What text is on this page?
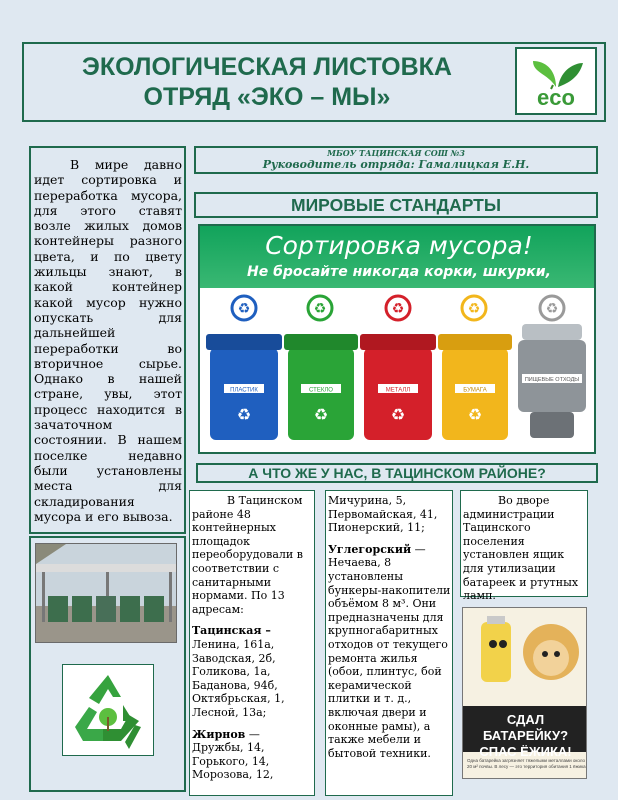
ЭКОЛОГИЧЕСКАЯ ЛИСТОВКА
ОТРЯД «ЭКО – МЫ»	eco
В мире давно идет сортировка и переработка мусора, для этого ставят возле жилых домов контейнеры разного цвета, и по цвету жильцы знают, в какой контейнер какой мусор нужно опускать для дальнейшей переработки во вторичное сырье. Однако в нашей стране, увы, этот процесс находится в зачаточном состоянии. В нашем поселке недавно были установлены места для складирования мусора и его вывоза.
МБОУ ТАЦИНСКАЯ СОШ №3
Руководитель отряда: Гамалицкая Е.Н.
МИРОВЫЕ СТАНДАРТЫ
Сортировка мусора!
Не бросайте никогда корки, шкурки,
♻
ПЛАСТИК
♻
♻
СТЕКЛО
♻
♻
МЕТАЛЛ
♻
♻
БУМАГА
♻
♻
ПИЩЕВЫЕ ОТХОДЫ
А ЧТО ЖЕ У НАС, В ТАЦИНСКОМ РАЙОНЕ?
В Тацинском районе 48 контейнерных площадок переоборудовали в соответствии с санитарными нормами. По 13 адресам:
Тацинская – Ленина, 161а, Заводская, 2б, Голикова, 1а, Баданова, 94б, Октябрьская, 1, Лесной, 13а;
Жирнов — Дружбы, 14, Горького, 14, Морозова, 12,
Мичурина, 5, Первомайская, 41, Пионерский, 11;
Углегорский — Нечаева, 8 установлены бункеры-накопители объёмом 8 м³. Они предназначены для крупногабаритных отходов от текущего ремонта жилья (обои, плинтус, бой керамической плитки и т. д., включая двери и оконные рамы), а также мебели и бытовой техники.
Во дворе администрации Тацинского поселения установлен ящик для утилизации батареек и ртутных ламп.
СДАЛ БАТАРЕЙКУ? СПАС ЁЖИКА!
Одна батарейка загрязняет тяжелыми металлами около 20 м² почвы. В лесу — это территория обитания 1 ёжика
